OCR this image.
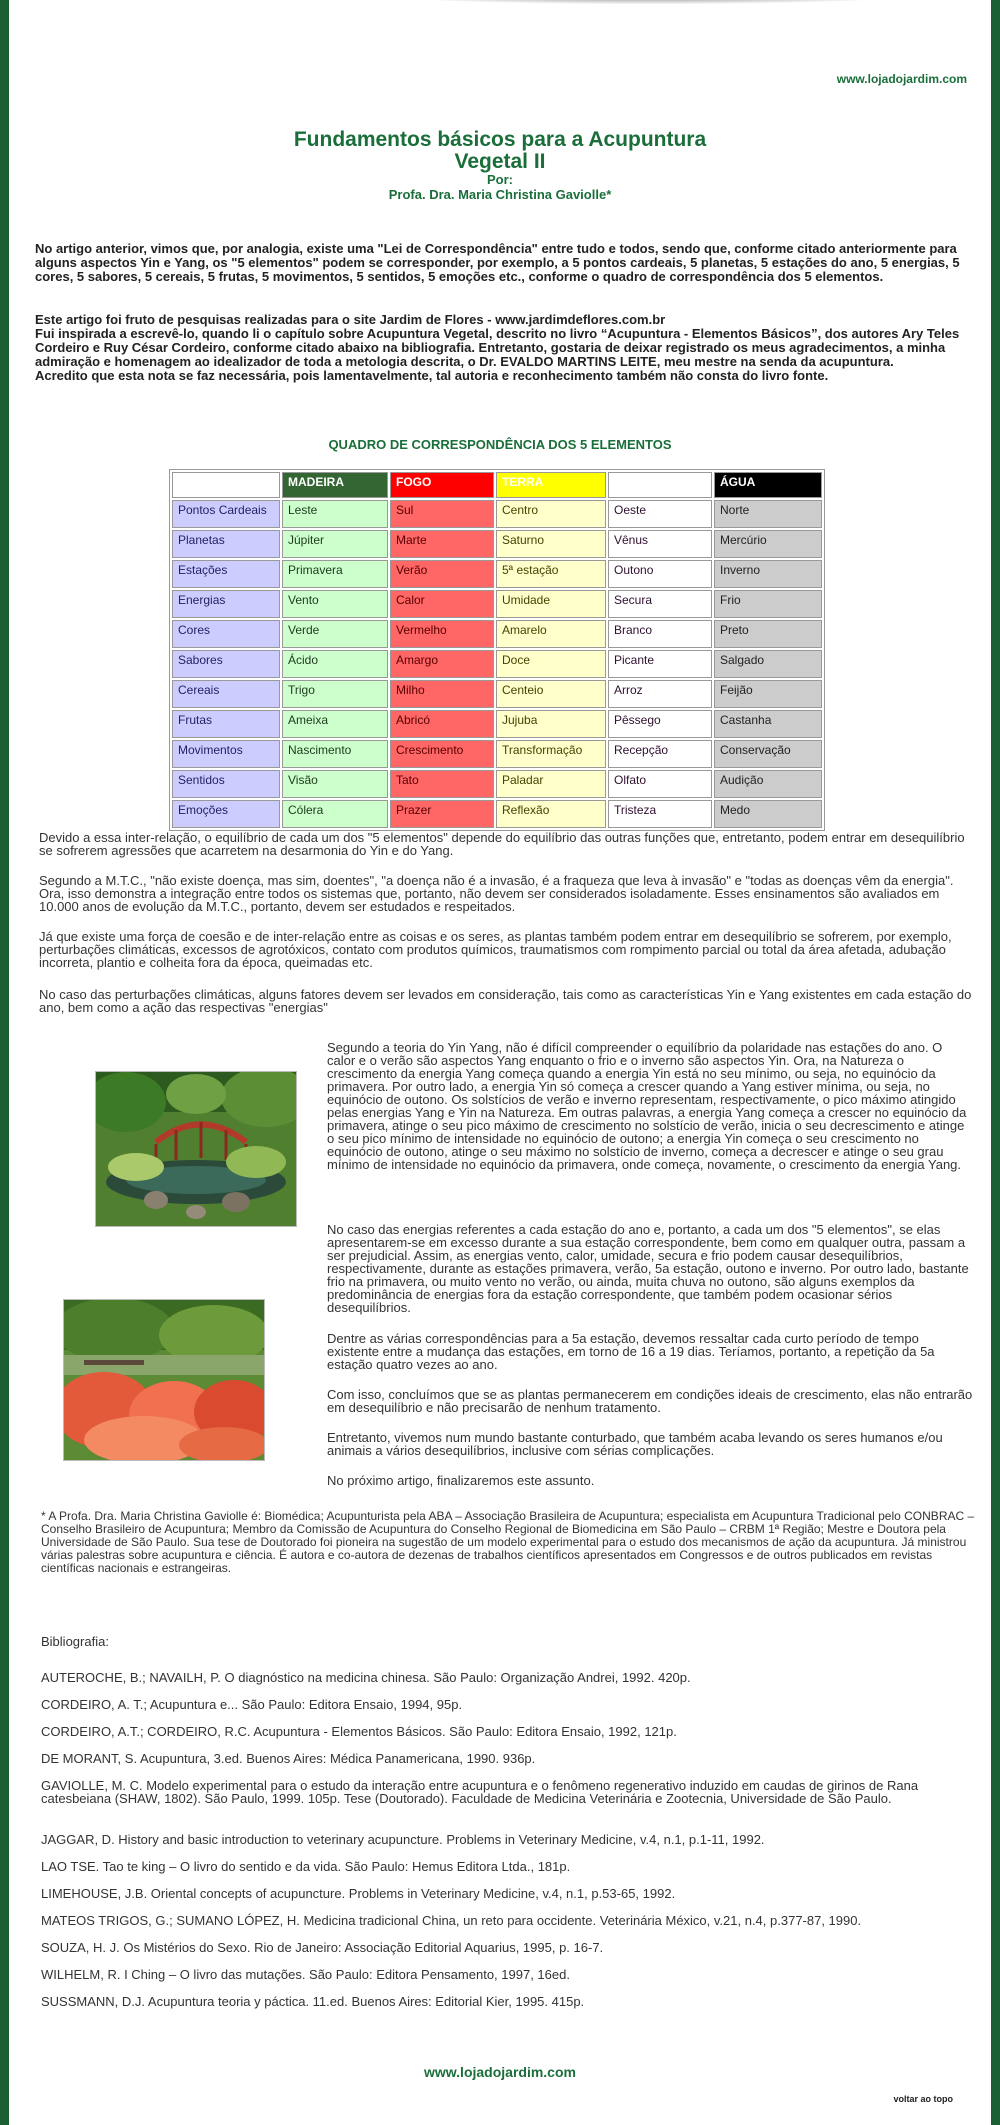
www.lojadojardim.com
Fundamentos básicos para a Acupuntura
Vegetal II
Por:
Profa. Dra. Maria Christina Gaviolle*

No artigo anterior, vimos que, por analogia, existe uma "Lei de Correspondência" entre tudo e todos, sendo que, conforme citado anteriormente para alguns aspectos Yin e Yang, os "5 elementos" podem se corresponder, por exemplo, a 5 pontos cardeais, 5 planetas, 5 estações do ano, 5 energias, 5 cores, 5 sabores, 5 cereais, 5 frutas, 5 movimentos, 5 sentidos, 5 emoções etc., conforme o quadro de correspondência dos 5 elementos.

Este artigo foi fruto de pesquisas realizadas para o site Jardim de Flores - www.jardimdeflores.com.br

Fui inspirada a escrevê-lo, quando li o capítulo sobre Acupuntura Vegetal, descrito no livro “Acupuntura - Elementos Básicos”, dos autores Ary Teles Cordeiro e Ruy César Cordeiro, conforme citado abaixo na bibliografia. Entretanto, gostaria de deixar registrado os meus agradecimentos, a minha admiração e homenagem ao idealizador de toda a metologia descrita, o Dr. EVALDO MARTINS LEITE, meu mestre na senda da acupuntura.

Acredito que esta nota se faz necessária, pois lamentavelmente, tal autoria e reconhecimento também não consta do livro fonte.

QUADRO DE CORRESPONDÊNCIA DOS 5 ELEMENTOS
	MADEIRA	FOGO	TERRA	METAL	ÁGUA
Pontos Cardeais	Leste	Sul	Centro	Oeste	Norte
Planetas	Júpiter	Marte	Saturno	Vênus	Mercúrio
Estações	Primavera	Verão	5ª estação	Outono	Inverno
Energias	Vento	Calor	Umidade	Secura	Frio
Cores	Verde	Vermelho	Amarelo	Branco	Preto
Sabores	Ácido	Amargo	Doce	Picante	Salgado
Cereais	Trigo	Milho	Centeio	Arroz	Feijão
Frutas	Ameixa	Abricó	Jujuba	Pêssego	Castanha
Movimentos	Nascimento	Crescimento	Transformação	Recepção	Conservação
Sentidos	Visão	Tato	Paladar	Olfato	Audição
Emoções	Cólera	Prazer	Reflexão	Tristeza	Medo

Devido a essa inter-relação, o equilíbrio de cada um dos "5 elementos" depende do equilíbrio das outras funções que, entretanto, podem entrar em desequilíbrio se sofrerem agressões que acarretem na desarmonia do Yin e do Yang.

Segundo a M.T.C., "não existe doença, mas sim, doentes", "a doença não é a invasão, é a fraqueza que leva à invasão" e "todas as doenças vêm da energia". Ora, isso demonstra a integração entre todos os sistemas que, portanto, não devem ser considerados isoladamente. Esses ensinamentos são avaliados em 10.000 anos de evolução da M.T.C., portanto, devem ser estudados e respeitados.

Já que existe uma força de coesão e de inter-relação entre as coisas e os seres, as plantas também podem entrar em desequilíbrio se sofrerem, por exemplo, perturbações climáticas, excessos de agrotóxicos, contato com produtos químicos, traumatismos com rompimento parcial ou total da área afetada, adubação incorreta, plantio e colheita fora da época, queimadas etc.

No caso das perturbações climáticas, alguns fatores devem ser levados em consideração, tais como as características Yin e Yang existentes em cada estação do ano, bem como a ação das respectivas "energias"

Segundo a teoria do Yin Yang, não é difícil compreender o equilíbrio da polaridade nas estações do ano. O calor e o verão são aspectos Yang enquanto o frio e o inverno são aspectos Yin. Ora, na Natureza o crescimento da energia Yang começa quando a energia Yin está no seu mínimo, ou seja, no equinócio da primavera. Por outro lado, a energia Yin só começa a crescer quando a Yang estiver mínima, ou seja, no equinócio de outono. Os solstícios de verão e inverno representam, respectivamente, o pico máximo atingido pelas energias Yang e Yin na Natureza. Em outras palavras, a energia Yang começa a crescer no equinócio da primavera, atinge o seu pico máximo de crescimento no solstício de verão, inicia o seu decrescimento e atinge o seu pico mínimo de intensidade no equinócio de outono; a energia Yin começa o seu crescimento no equinócio de outono, atinge o seu máximo no solstício de inverno, começa a decrescer e atinge o seu grau mínimo de intensidade no equinócio da primavera, onde começa, novamente, o crescimento da energia Yang.

No caso das energias referentes a cada estação do ano e, portanto, a cada um dos "5 elementos", se elas apresentarem-se em excesso durante a sua estação correspondente, bem como em qualquer outra, passam a ser prejudicial. Assim, as energias vento, calor, umidade, secura e frio podem causar desequilíbrios, respectivamente, durante as estações primavera, verão, 5a estação, outono e inverno. Por outro lado, bastante frio na primavera, ou muito vento no verão, ou ainda, muita chuva no outono, são alguns exemplos da predominância de energias fora da estação correspondente, que também podem ocasionar sérios desequilíbrios.

Dentre as várias correspondências para a 5a estação, devemos ressaltar cada curto período de tempo existente entre a mudança das estações, em torno de 16 a 19 dias. Teríamos, portanto, a repetição da 5a estação quatro vezes ao ano.

Com isso, concluímos que se as plantas permanecerem em condições ideais de crescimento, elas não entrarão em desequilíbrio e não precisarão de nenhum tratamento.

Entretanto, vivemos num mundo bastante conturbado, que também acaba levando os seres humanos e/ou animais a vários desequilíbrios, inclusive com sérias complicações.

No próximo artigo, finalizaremos este assunto.

* A Profa. Dra. Maria Christina Gaviolle é: Biomédica; Acupunturista pela ABA – Associação Brasileira de Acupuntura; especialista em Acupuntura Tradicional pelo CONBRAC – Conselho Brasileiro de Acupuntura; Membro da Comissão de Acupuntura do Conselho Regional de Biomedicina em São Paulo – CRBM 1ª Região; Mestre e Doutora pela Universidade de São Paulo. Sua tese de Doutorado foi pioneira na sugestão de um modelo experimental para o estudo dos mecanismos de ação da acupuntura. Já ministrou várias palestras sobre acupuntura e ciência. É autora e co-autora de dezenas de trabalhos científicos apresentados em Congressos e de outros publicados em revistas científicas nacionais e estrangeiras.

Bibliografia:

AUTEROCHE, B.; NAVAILH, P. O diagnóstico na medicina chinesa. São Paulo: Organização Andrei, 1992. 420p.

CORDEIRO, A. T.; Acupuntura e... São Paulo: Editora Ensaio, 1994, 95p.

CORDEIRO, A.T.; CORDEIRO, R.C. Acupuntura - Elementos Básicos. São Paulo: Editora Ensaio, 1992, 121p.

DE MORANT, S. Acupuntura, 3.ed. Buenos Aires: Médica Panamericana, 1990. 936p.

GAVIOLLE, M. C. Modelo experimental para o estudo da interação entre acupuntura e o fenômeno regenerativo induzido em caudas de girinos de Rana catesbeiana (SHAW, 1802). São Paulo, 1999. 105p. Tese (Doutorado). Faculdade de Medicina Veterinária e Zootecnia, Universidade de São Paulo.

JAGGAR, D. History and basic introduction to veterinary acupuncture. Problems in Veterinary Medicine, v.4, n.1, p.1-11, 1992.

LAO TSE. Tao te king – O livro do sentido e da vida. São Paulo: Hemus Editora Ltda., 181p.

LIMEHOUSE, J.B. Oriental concepts of acupuncture. Problems in Veterinary Medicine, v.4, n.1, p.53-65, 1992.

MATEOS TRIGOS, G.; SUMANO LÓPEZ, H. Medicina tradicional China, un reto para occidente. Veterinária México, v.21, n.4, p.377-87, 1990.

SOUZA, H. J. Os Mistérios do Sexo. Rio de Janeiro: Associação Editorial Aquarius, 1995, p. 16-7.

WILHELM, R. I Ching – O livro das mutações. São Paulo: Editora Pensamento, 1997, 16ed.

SUSSMANN, D.J. Acupuntura teoria y páctica. 11.ed. Buenos Aires: Editorial Kier, 1995. 415p.

www.lojadojardim.com
voltar ao topo
